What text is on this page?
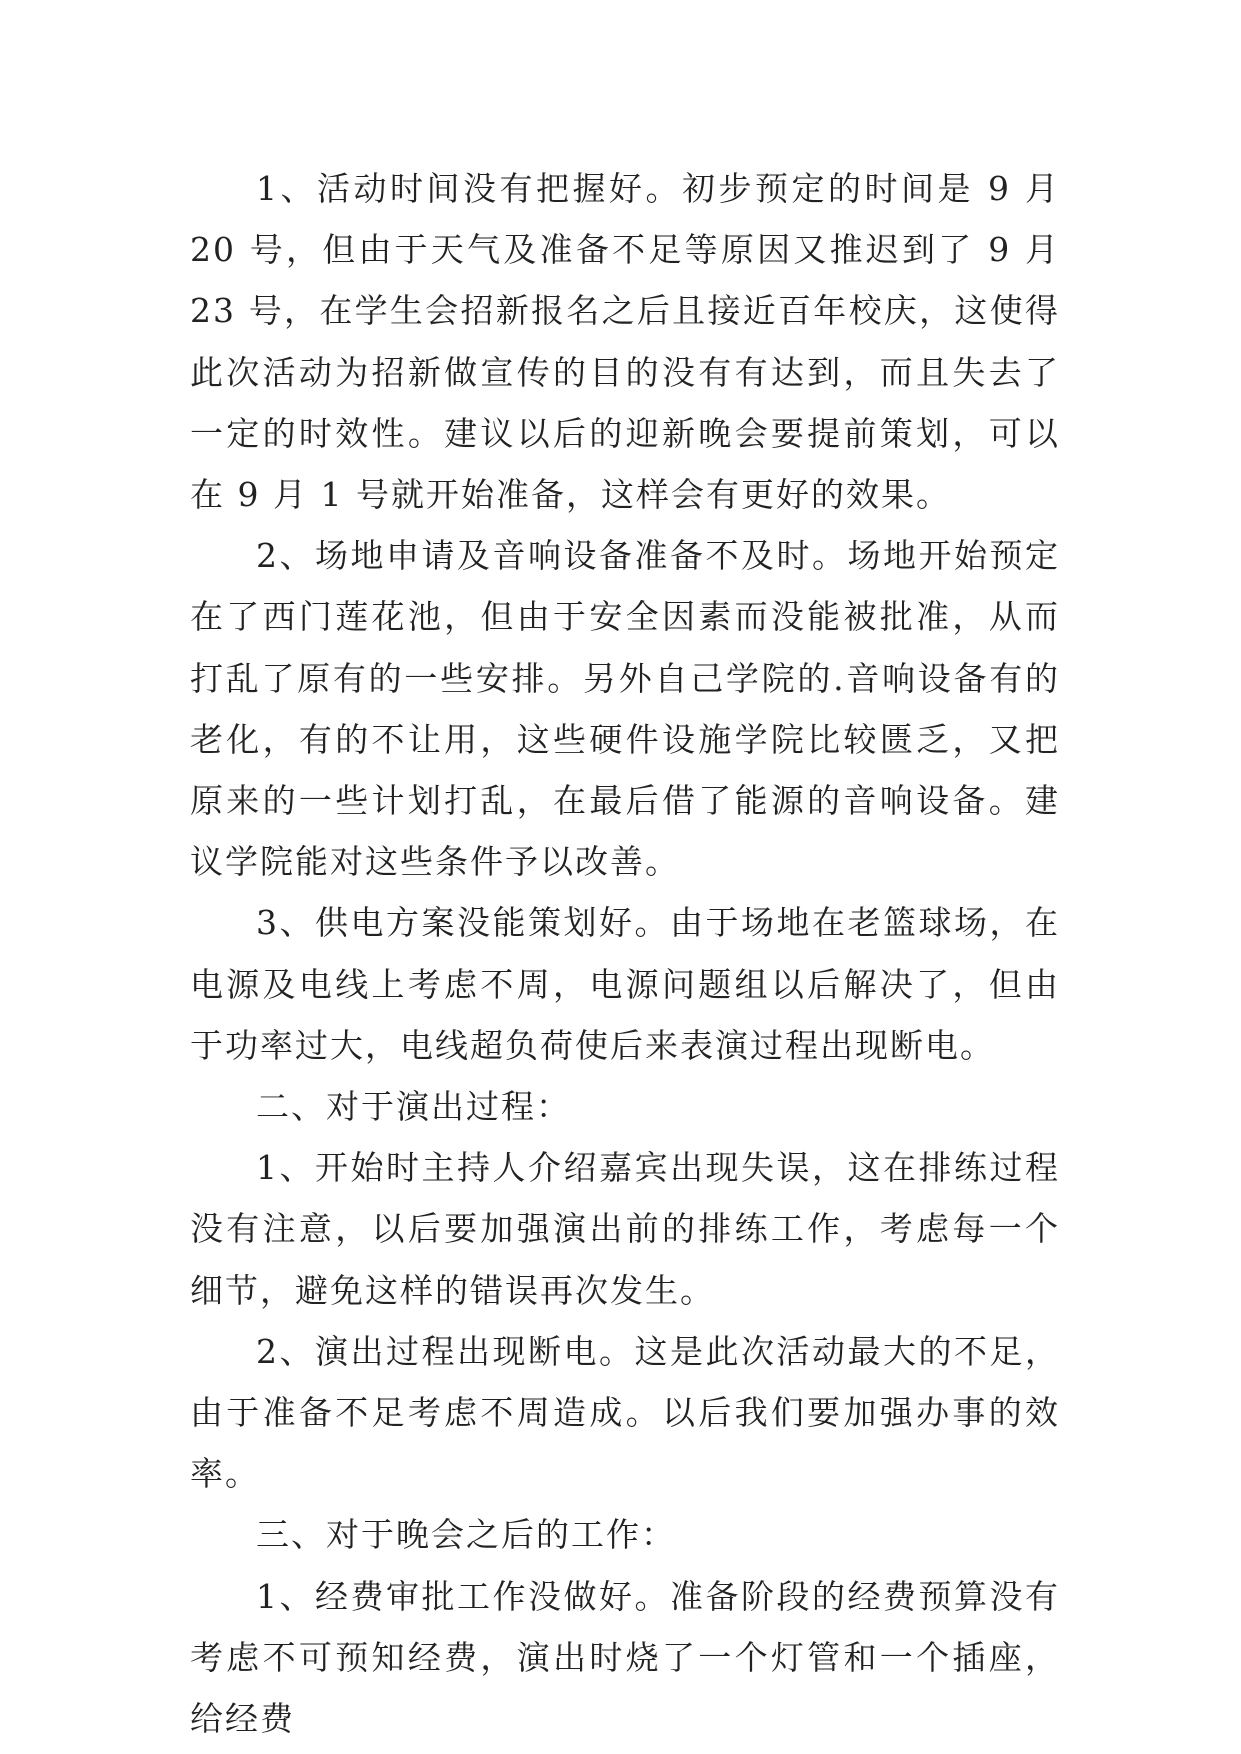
1、活动时间没有把握好。初步预定的时间是 9 月 20 号，但由于天气及准备不足等原因又推迟到了 9 月 23 号，在学生会招新报名之后且接近百年校庆，这使得此次活动为招新做宣传的目的没有有达到，而且失去了一定的时效性。建议以后的迎新晚会要提前策划，可以在 9 月 1 号就开始准备，这样会有更好的效果。

2、场地申请及音响设备准备不及时。场地开始预定在了西门莲花池，但由于安全因素而没能被批准，从而打乱了原有的一些安排。另外自己学院的.音响设备有的老化，有的不让用，这些硬件设施学院比较匮乏，又把原来的一些计划打乱，在最后借了能源的音响设备。建议学院能对这些条件予以改善。

3、供电方案没能策划好。由于场地在老篮球场，在电源及电线上考虑不周，电源问题组以后解决了，但由于功率过大，电线超负荷使后来表演过程出现断电。

二、对于演出过程：

1、开始时主持人介绍嘉宾出现失误，这在排练过程没有注意，以后要加强演出前的排练工作，考虑每一个细节，避免这样的错误再次发生。

2、演出过程出现断电。这是此次活动最大的不足，由于准备不足考虑不周造成。以后我们要加强办事的效率。

三、对于晚会之后的工作：

1、经费审批工作没做好。准备阶段的经费预算没有考虑不可预知经费，演出时烧了一个灯管和一个插座，给经费
